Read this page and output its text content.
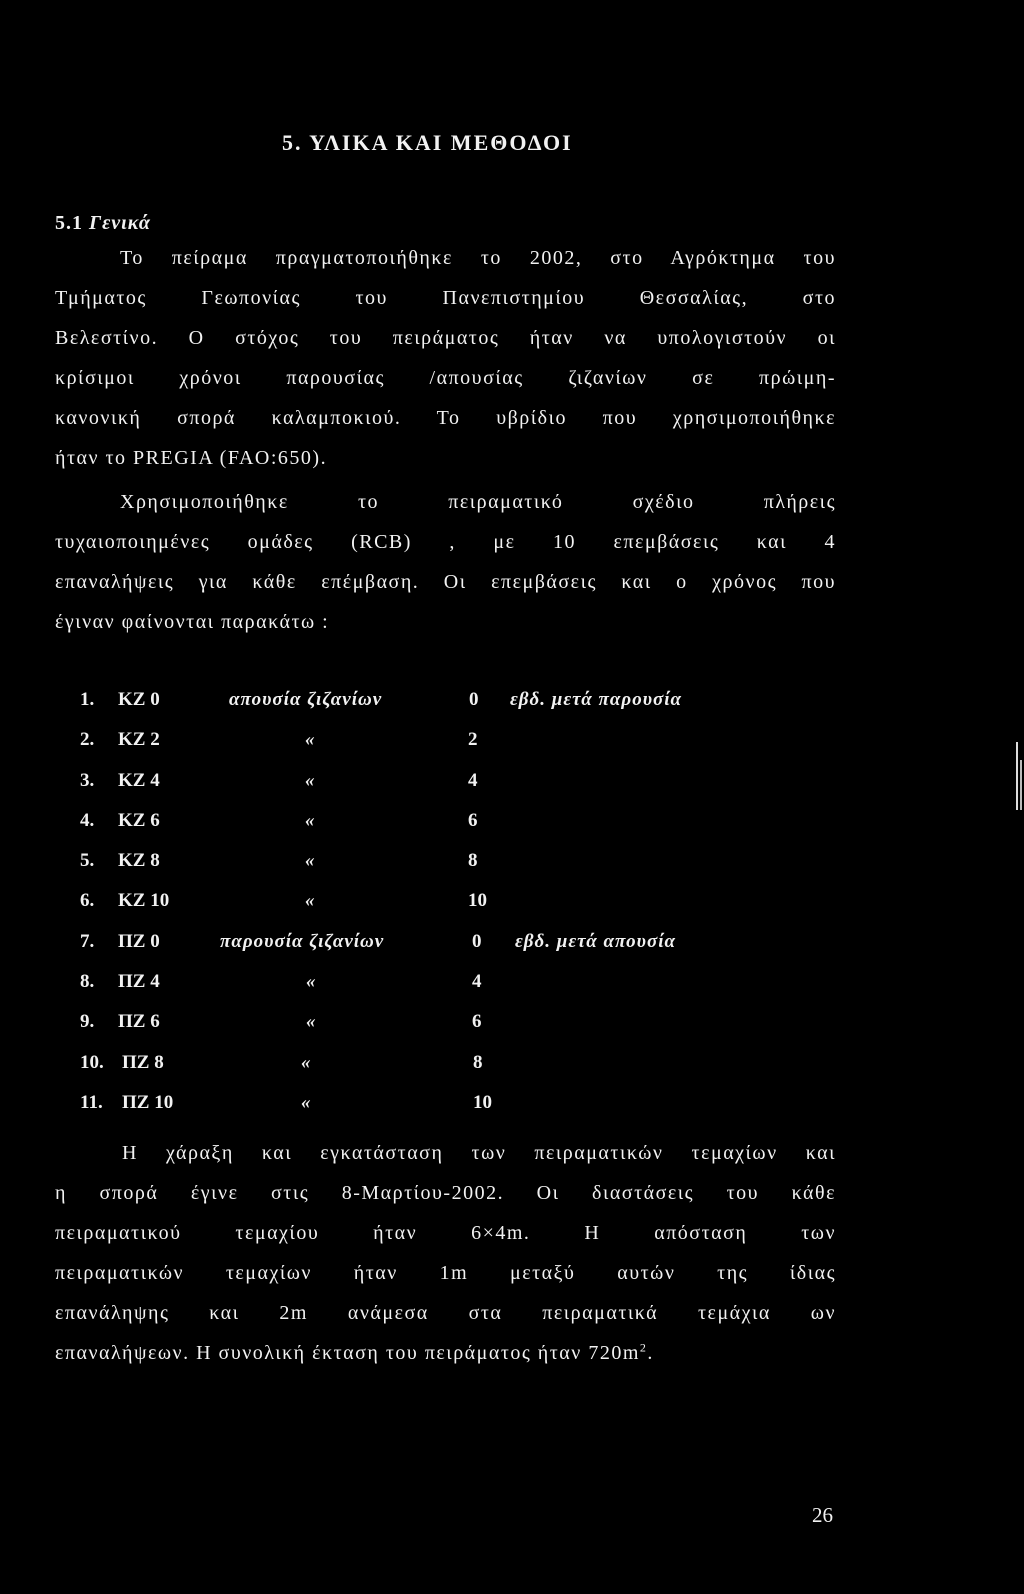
5. ΥΛΙΚΑ ΚΑΙ ΜΕΘΟΔΟΙ
5.1 Γενικά
Το πείραμα πραγματοποιήθηκε το 2002, στο Αγρόκτημα του
Τμήματος Γεωπονίας του Πανεπιστημίου Θεσσαλίας, στο
Βελεστίνο. Ο στόχος του πειράματος ήταν να υπολογιστούν οι
κρίσιμοι χρόνοι παρουσίας /απουσίας ζιζανίων σε πρώιμη-
κανονική σπορά καλαμποκιού. Το υβρίδιο που χρησιμοποιήθηκε
ήταν το PREGIA (FAO:650).
Χρησιμοποιήθηκε το πειραματικό σχέδιο πλήρεις
τυχαιοποιημένες ομάδες (RCB) , με 10 επεμβάσεις και 4
επαναλήψεις για κάθε επέμβαση. Οι επεμβάσεις και ο χρόνος που
έγιναν φαίνονται παρακάτω :
1. ΚΖ 0	απουσία ζιζανίων	0 εβδ. μετά παρουσία
2. ΚΖ 2	«	2
3. ΚΖ 4	«	4
4. ΚΖ 6	«	6
5. ΚΖ 8	«	8
6. ΚΖ 10	«	10
7. ΠΖ 0	παρουσία ζιζανίων	0 εβδ. μετά απουσία
8. ΠΖ 4	«	4
9. ΠΖ 6	«	6
10. ΠΖ 8	«	8
11. ΠΖ 10	«	10
Η χάραξη και εγκατάσταση των πειραματικών τεμαχίων και
η σπορά έγινε στις 8-Μαρτίου-2002. Οι διαστάσεις του κάθε
πειραματικού τεμαχίου ήταν 6×4m. Η απόσταση των
πειραματικών τεμαχίων ήταν 1m μεταξύ αυτών της ίδιας
επανάληψης και 2m ανάμεσα στα πειραματικά τεμάχια ων
επαναλήψεων. Η συνολική έκταση του πειράματος ήταν $720m^2$.
26
